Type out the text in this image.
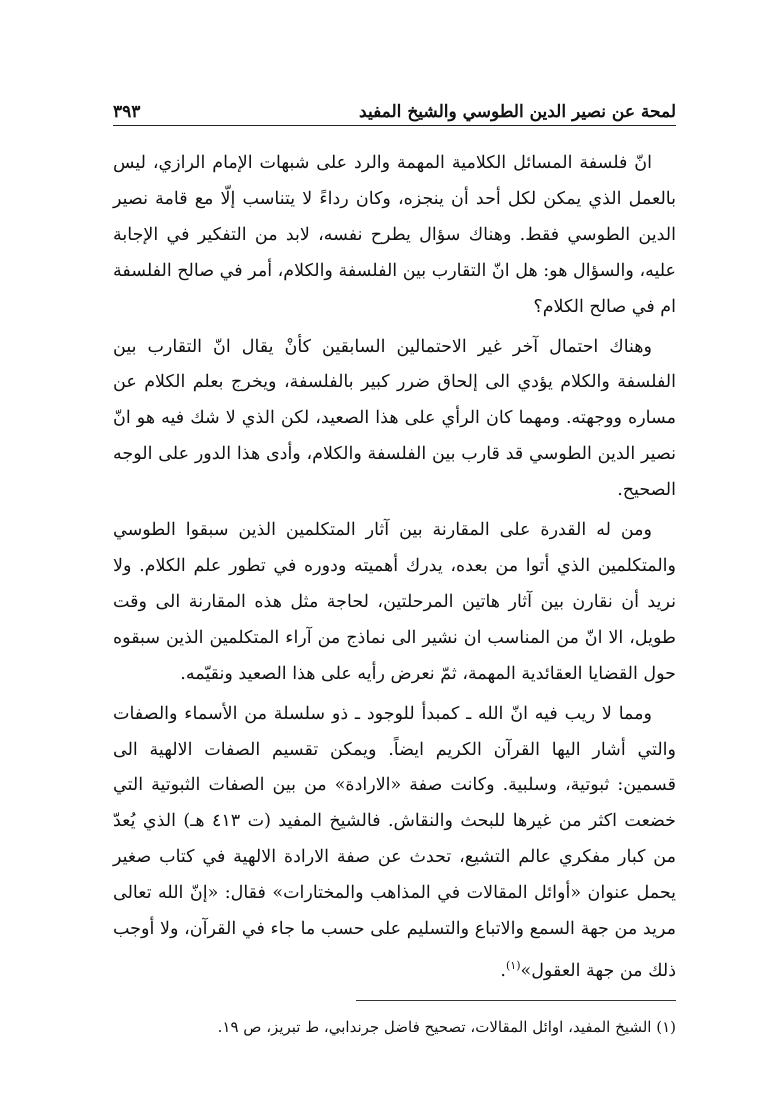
لمحة عن نصير الدين الطوسي والشيخ المفيد
٣٩٣

انّ فلسفة المسائل الكلامية المهمة والرد على شبهات الإمام الرازي، ليس بالعمل الذي يمكن لكل أحد أن ينجزه، وكان رداءً لا يتناسب إلّا مع قامة نصير الدين الطوسي فقط. وهناك سؤال يطرح نفسه، لابد من التفكير في الإجابة عليه، والسؤال هو: هل انّ التقارب بين الفلسفة والكلام، أمر في صالح الفلسفة ام في صالح الكلام؟

وهناك احتمال آخر غير الاحتمالين السابقين كأنْ يقال انّ التقارب بين الفلسفة والكلام يؤدي الى إلحاق ضرر كبير بالفلسفة، ويخرج بعلم الكلام عن مساره ووجهته. ومهما كان الرأي على هذا الصعيد، لكن الذي لا شك فيه هو انّ نصير الدين الطوسي قد قارب بين الفلسفة والكلام، وأدى هذا الدور على الوجه الصحيح.

ومن له القدرة على المقارنة بين آثار المتكلمين الذين سبقوا الطوسي والمتكلمين الذي أتوا من بعده، يدرك أهميته ودوره في تطور علم الكلام. ولا نريد أن نقارن بين آثار هاتين المرحلتين، لحاجة مثل هذه المقارنة الى وقت طويل، الا انّ من المناسب ان نشير الى نماذج من آراء المتكلمين الذين سبقوه حول القضايا العقائدية المهمة، ثمّ نعرض رأيه على هذا الصعيد ونقيّمه.

ومما لا ريب فيه انّ الله ـ كمبدأ للوجود ـ ذو سلسلة من الأسماء والصفات والتي أشار اليها القرآن الكريم ايضاً. ويمكن تقسيم الصفات الالهية الى قسمين: ثبوتية، وسلبية. وكانت صفة «الارادة» من بين الصفات الثبوتية التي خضعت اكثر من غيرها للبحث والنقاش. فالشيخ المفيد (ت ٤١٣ هـ) الذي يُعدّ من كبار مفكري عالم التشيع، تحدث عن صفة الارادة الالهية في كتاب صغير يحمل عنوان «أوائل المقالات في المذاهب والمختارات» فقال: «إنّ الله تعالى مريد من جهة السمع والاتباع والتسليم على حسب ما جاء في القرآن، ولا أوجب ذلك من جهة العقول»$^{(١)}$.

(١) الشيخ المفيد، اوائل المقالات، تصحيح فاضل جرندابي، ط تبريز، ص ١٩.
